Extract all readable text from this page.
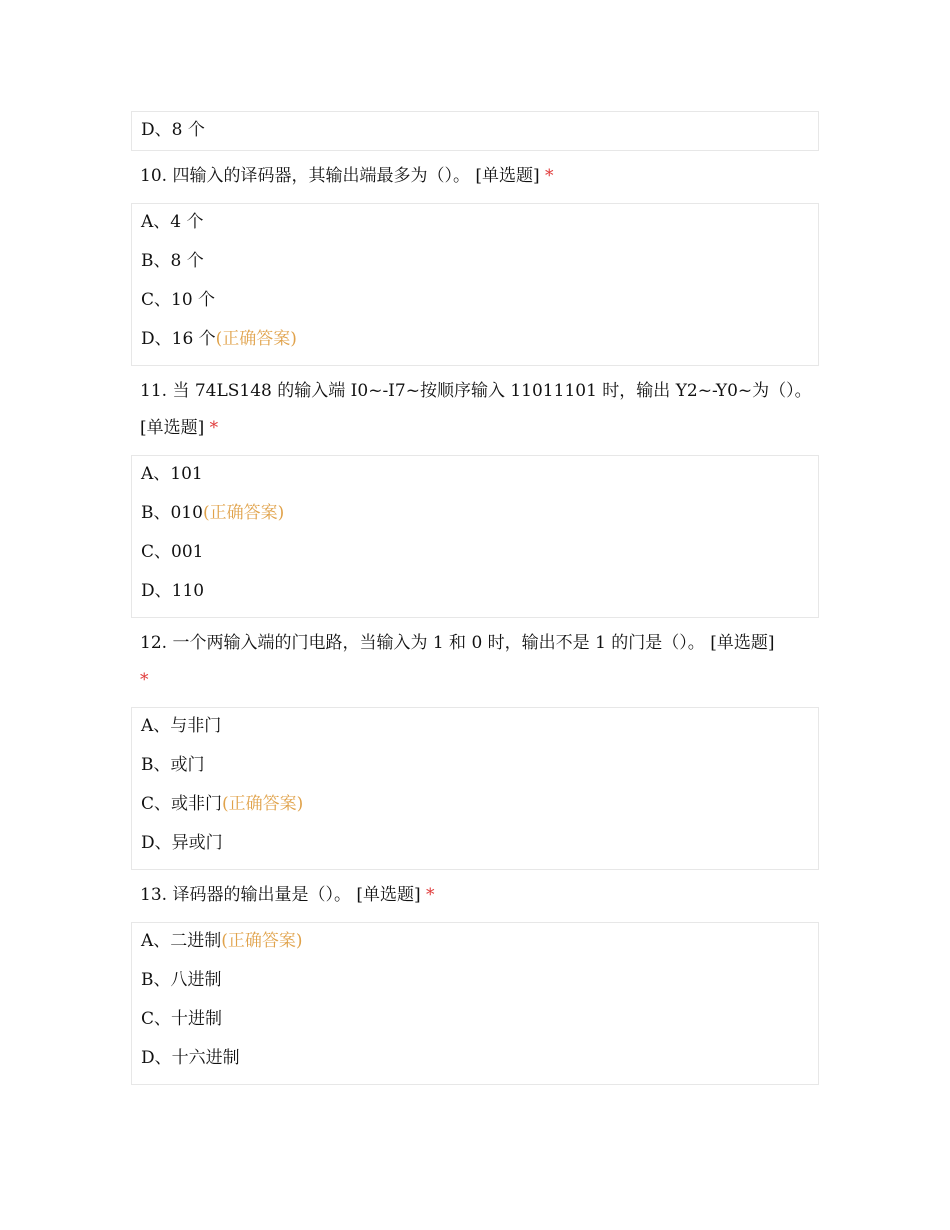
D、8 个
10. 四输入的译码器，其输出端最多为（）。 [单选题] *
A、4 个
B、8 个
C、10 个
D、16 个(正确答案)
11. 当 74LS148 的输入端 I0~-I7~按顺序输入 11011101 时，输出 Y2~-Y0~为（）。
[单选题] *
A、101
B、010(正确答案)
C、001
D、110
12. 一个两输入端的门电路，当输入为 1 和 0 时，输出不是 1 的门是（）。 [单选题]
*
A、与非门
B、或门
C、或非门(正确答案)
D、异或门
13. 译码器的输出量是（）。 [单选题] *
A、二进制(正确答案)
B、八进制
C、十进制
D、十六进制
